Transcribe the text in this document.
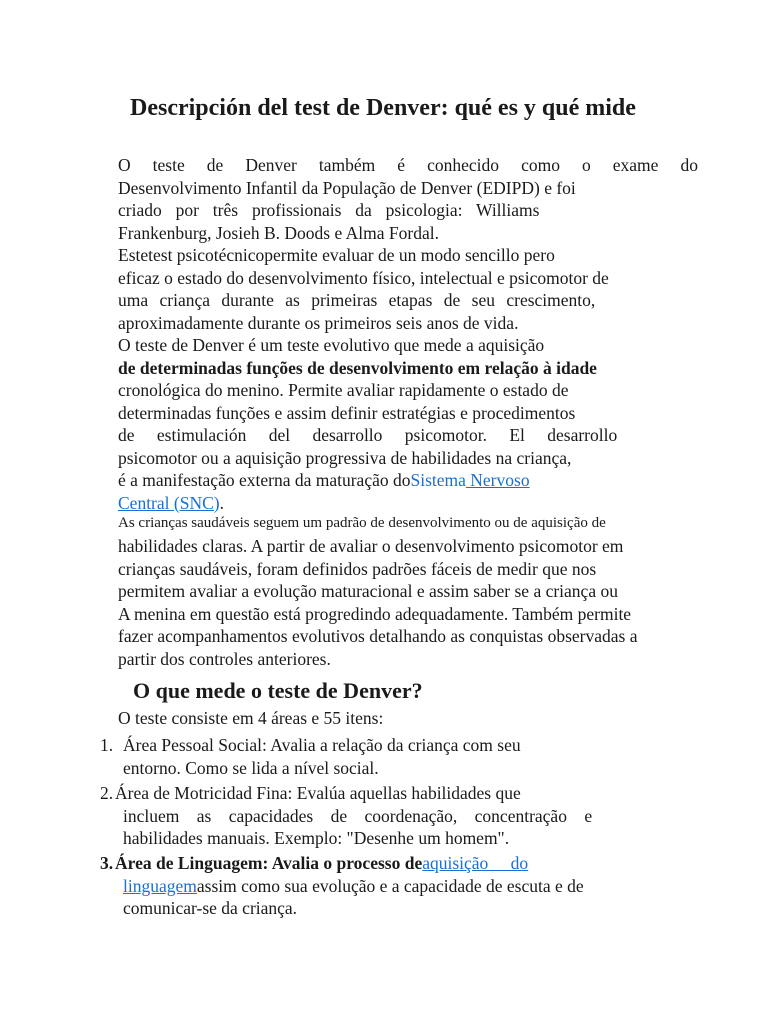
Descripción del test de Denver: qué es y qué mide
O teste de Denver também é conhecido como o exame do
Desenvolvimento Infantil da População de Denver (EDIPD) e foi
criado por três profissionais da psicologia: Williams
Frankenburg, Josieh B. Doods e Alma Fordal.
Estetest psicotécnicopermite evaluar de un modo sencillo pero
eficaz o estado do desenvolvimento físico, intelectual e psicomotor de
uma criança durante as primeiras etapas de seu crescimento,
aproximadamente durante os primeiros seis anos de vida.
O teste de Denver é um teste evolutivo que mede a aquisição
de determinadas funções de desenvolvimento em relação à idade
cronológica do menino. Permite avaliar rapidamente o estado de
determinadas funções e assim definir estratégias e procedimentos
de estimulación del desarrollo psicomotor. El desarrollo
psicomotor ou a aquisição progressiva de habilidades na criança,
é a manifestação externa da maturação doSistema Nervoso
Central (SNC).
As crianças saudáveis seguem um padrão de desenvolvimento ou de aquisição de
habilidades claras. A partir de avaliar o desenvolvimento psicomotor em
crianças saudáveis, foram definidos padrões fáceis de medir que nos
permitem avaliar a evolução maturacional e assim saber se a criança ou
A menina em questão está progredindo adequadamente. Também permite
fazer acompanhamentos evolutivos detalhando as conquistas observadas a
partir dos controles anteriores.
O que mede o teste de Denver?
O teste consiste em 4 áreas e 55 itens:
1. Área Pessoal Social: Avalia a relação da criança com seu
entorno. Como se lida a nível social.
2. Área de Motricidad Fina: Evalúa aquellas habilidades que
incluem as capacidades de coordenação, concentração e
habilidades manuais. Exemplo: "Desenhe um homem".
3. Área de Linguagem: Avalia o processo deaquisição do
linguagemassim como sua evolução e a capacidade de escuta e de
comunicar-se da criança.
